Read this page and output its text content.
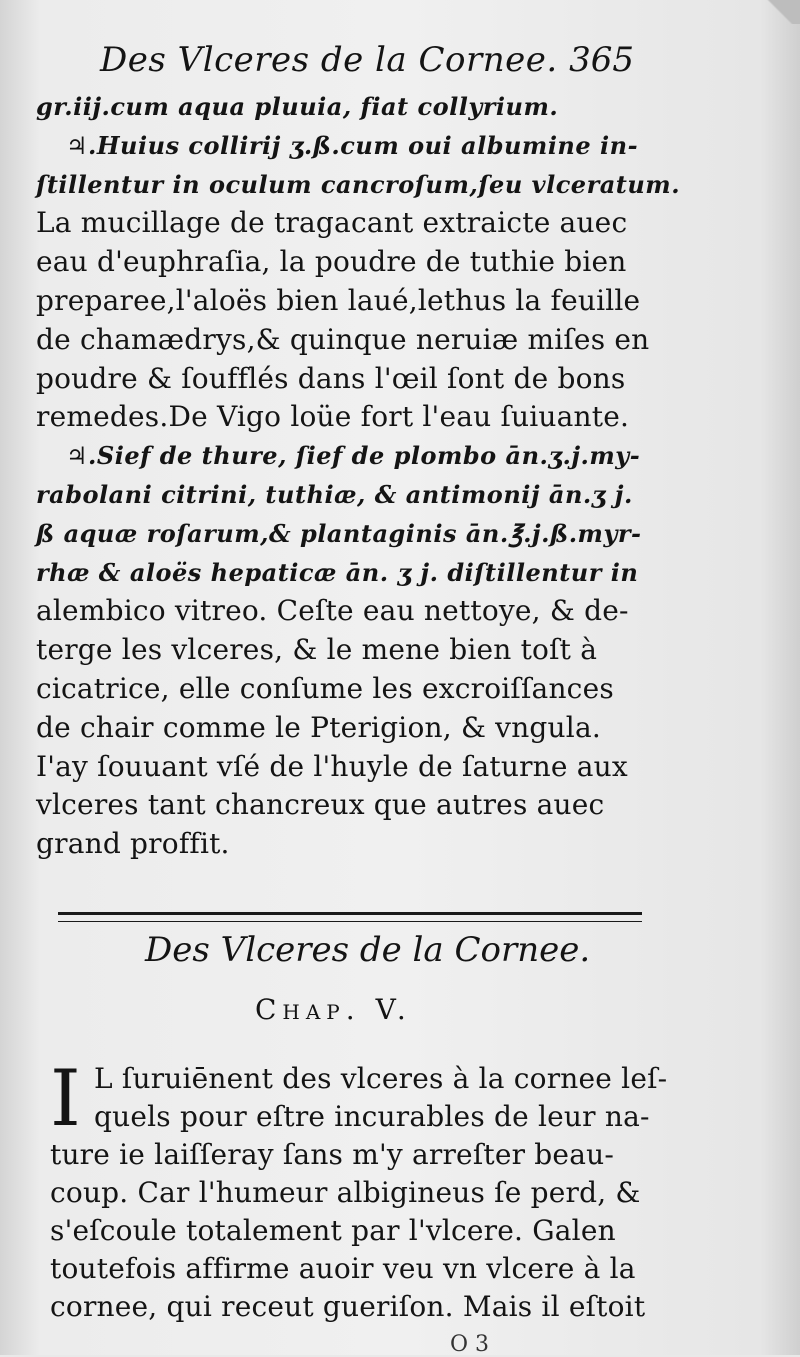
Des Vlceres de la Cornee. 365
gr.iij.cum aqua pluuia, fiat collyrium.
♃.Huius collirij ʒ.ß.cum oui albumine in-
ſtillentur in oculum cancroſum,ſeu vlceratum.
La mucillage de tragacant extraicte auec
eau d'euphraſia, la poudre de tuthie bien
preparee,l'aloës bien laué,lethus la feuille
de chamædrys,& quinque neruiæ miſes en
poudre & ſoufflés dans l'œil ſont de bons
remedes.De Vigo loüe fort l'eau ſuiuante.
♃.Sief de thure, ſief de plombo ān.ʒ.j.my-
rabolani citrini, tuthiæ, & antimonij ān.ʒ j.
ß aquæ roſarum,& plantaginis ān.℥.j.ß.myr-
rhæ & aloës hepaticæ ān. ʒ j. diſtillentur in
alembico vitreo. Ceſte eau nettoye, & de-
terge les vlceres, & le mene bien toſt à
cicatrice, elle conſume les excroiſſances
de chair comme le Pterigion, & vngula.
I'ay ſouuant vſé de l'huyle de ſaturne aux
vlceres tant chancreux que autres auec
grand proffit.
Des Vlceres de la Cornee.
Chap. V.
I L ſuruiēnent des vlceres à la cornee leſ-
quels pour eſtre incurables de leur na-
ture ie laiſſeray ſans m'y arreſter beau-
coup. Car l'humeur albigineus ſe perd, &
s'eſcoule totalement par l'vlcere. Galen
toutefois affirme auoir veu vn vlcere à la
cornee, qui receut gueriſon. Mais il eſtoit
O 3
